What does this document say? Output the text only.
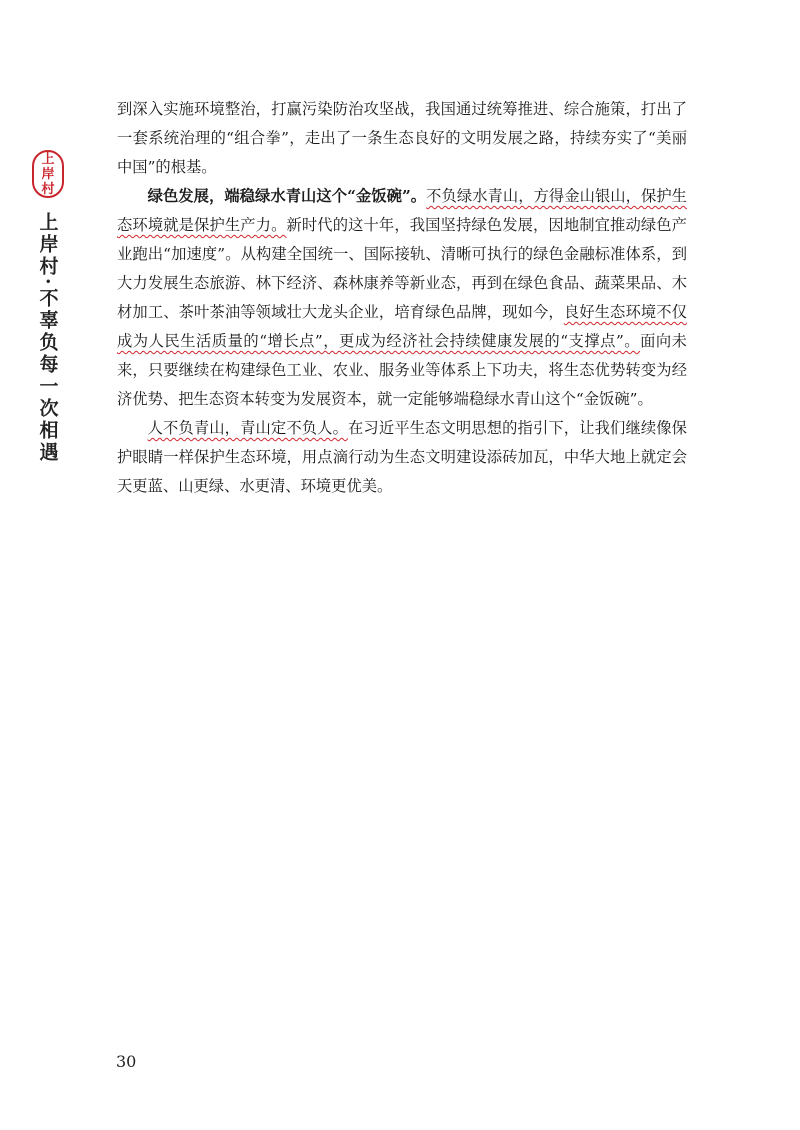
上
岸
村
上岸村·不辜负每一次相遇

到深入实施环境整治，打赢污染防治攻坚战，我国通过统筹推进、综合施策，打出了一套系统治理的“组合拳”，走出了一条生态良好的文明发展之路，持续夯实了“美丽中国”的根基。

绿色发展，端稳绿水青山这个“金饭碗”。不负绿水青山，方得金山银山，保护生态环境就是保护生产力。新时代的这十年，我国坚持绿色发展，因地制宜推动绿色产业跑出“加速度”。从构建全国统一、国际接轨、清晰可执行的绿色金融标准体系，到大力发展生态旅游、林下经济、森林康养等新业态，再到在绿色食品、蔬菜果品、木材加工、茶叶茶油等领域壮大龙头企业，培育绿色品牌，现如今，良好生态环境不仅成为人民生活质量的“增长点”，更成为经济社会持续健康发展的“支撑点”。面向未来，只要继续在构建绿色工业、农业、服务业等体系上下功夫，将生态优势转变为经济优势、把生态资本转变为发展资本，就一定能够端稳绿水青山这个“金饭碗”。

人不负青山，青山定不负人。在习近平生态文明思想的指引下，让我们继续像保护眼睛一样保护生态环境，用点滴行动为生态文明建设添砖加瓦，中华大地上就定会天更蓝、山更绿、水更清、环境更优美。

30
